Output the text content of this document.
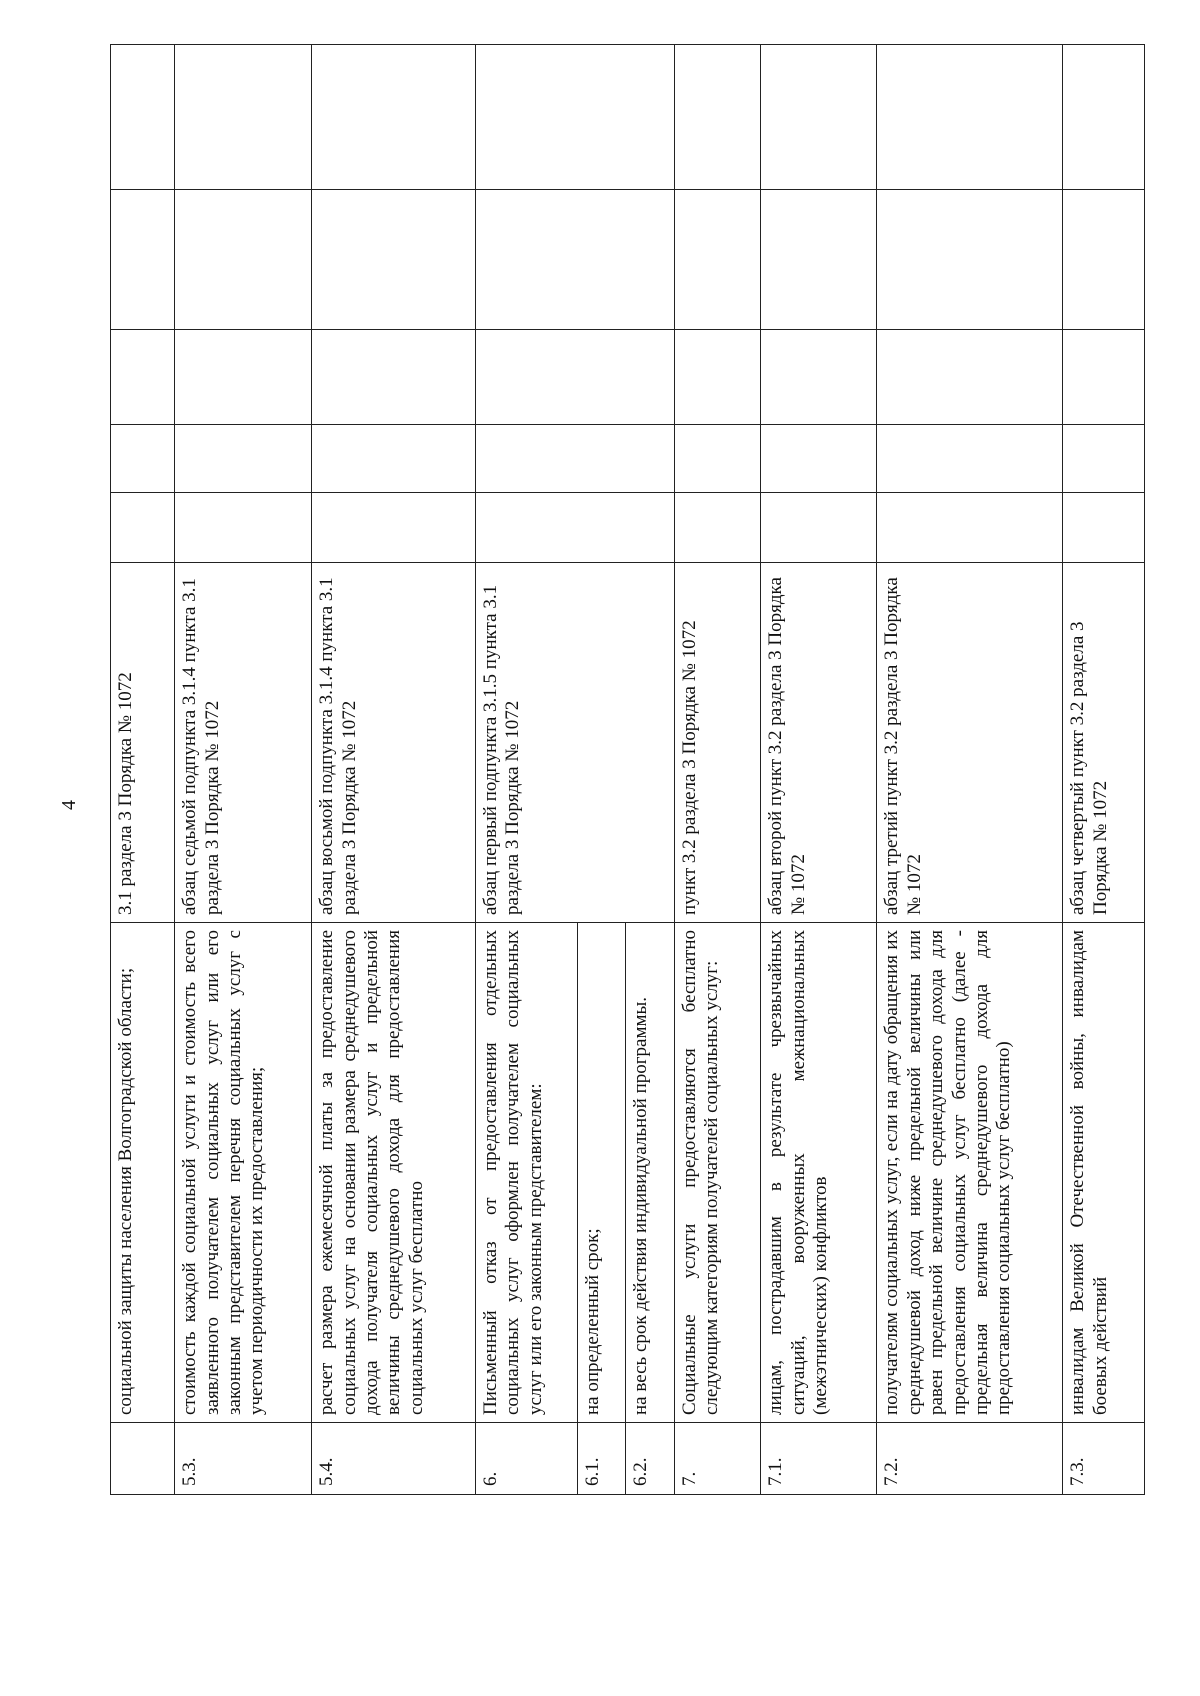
4
	социальной защиты населения Волгоградской области;	3.1 раздела 3 Порядка № 1072					
5.3.	стоимость каждой социальной услуги и стоимость всего заявленного получателем социальных услуг или его законным представителем перечня социальных услуг с учетом периодичности их предоставления;	абзац седьмой подпункта 3.1.4 пункта 3.1 раздела 3 Порядка № 1072					
5.4.	расчет размера ежемесячной платы за предоставление социальных услуг на основании размера среднедушевого дохода получателя социальных услуг и предельной величины среднедушевого дохода для предоставления социальных услуг бесплатно	абзац восьмой подпункта 3.1.4 пункта 3.1 раздела 3 Порядка № 1072					
6.	Письменный отказ от предоставления отдельных социальных услуг оформлен получателем социальных услуг или его законным представителем:	абзац первый подпункта 3.1.5 пункта 3.1 раздела 3 Порядка № 1072					
6.1.	на определенный срок;						
6.2.	на весь срок действия индивидуальной программы.						
7.	Социальные услуги предоставляются бесплатно следующим категориям получателей социальных услуг:	пункт 3.2 раздела 3 Порядка № 1072					
7.1.	лицам, пострадавшим в результате чрезвычайных ситуаций, вооруженных межнациональных (межэтнических) конфликтов	абзац второй пункт 3.2 раздела 3 Порядка № 1072					
7.2.	получателям социальных услуг, если на дату обращения их среднедушевой доход ниже предельной величины или равен предельной величине среднедушевого дохода для предоставления социальных услуг бесплатно (далее - предельная величина среднедушевого дохода для предоставления социальных услуг бесплатно)	абзац третий пункт 3.2 раздела 3 Порядка № 1072					
7.3.	инвалидам Великой Отечественной войны, инвалидам боевых действий	абзац четвертый пункт 3.2 раздела 3 Порядка № 1072					
